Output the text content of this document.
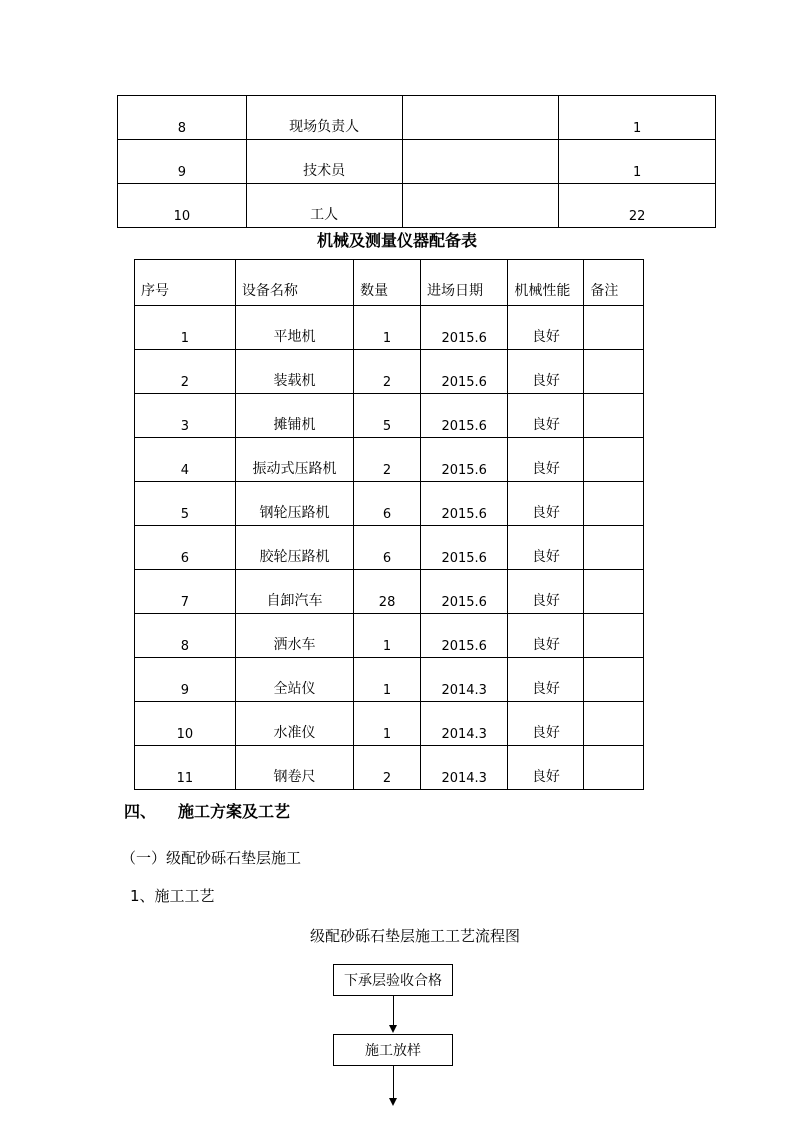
8	现场负责人		1
9	技术员		1
10	工人		22
机械及测量仪器配备表
序号	设备名称	数量	进场日期	机械性能	备注
1	平地机	1	2015.6	良好	
2	装载机	2	2015.6	良好	
3	摊铺机	5	2015.6	良好	
4	振动式压路机	2	2015.6	良好	
5	钢轮压路机	6	2015.6	良好	
6	胶轮压路机	6	2015.6	良好	
7	自卸汽车	28	2015.6	良好	
8	洒水车	1	2015.6	良好	
9	全站仪	1	2014.3	良好	
10	水准仪	1	2014.3	良好	
11	钢卷尺	2	2014.3	良好	
四、 施工方案及工艺
（一）级配砂砾石垫层施工
1、施工工艺
级配砂砾石垫层施工工艺流程图
下承层验收合格
施工放样
